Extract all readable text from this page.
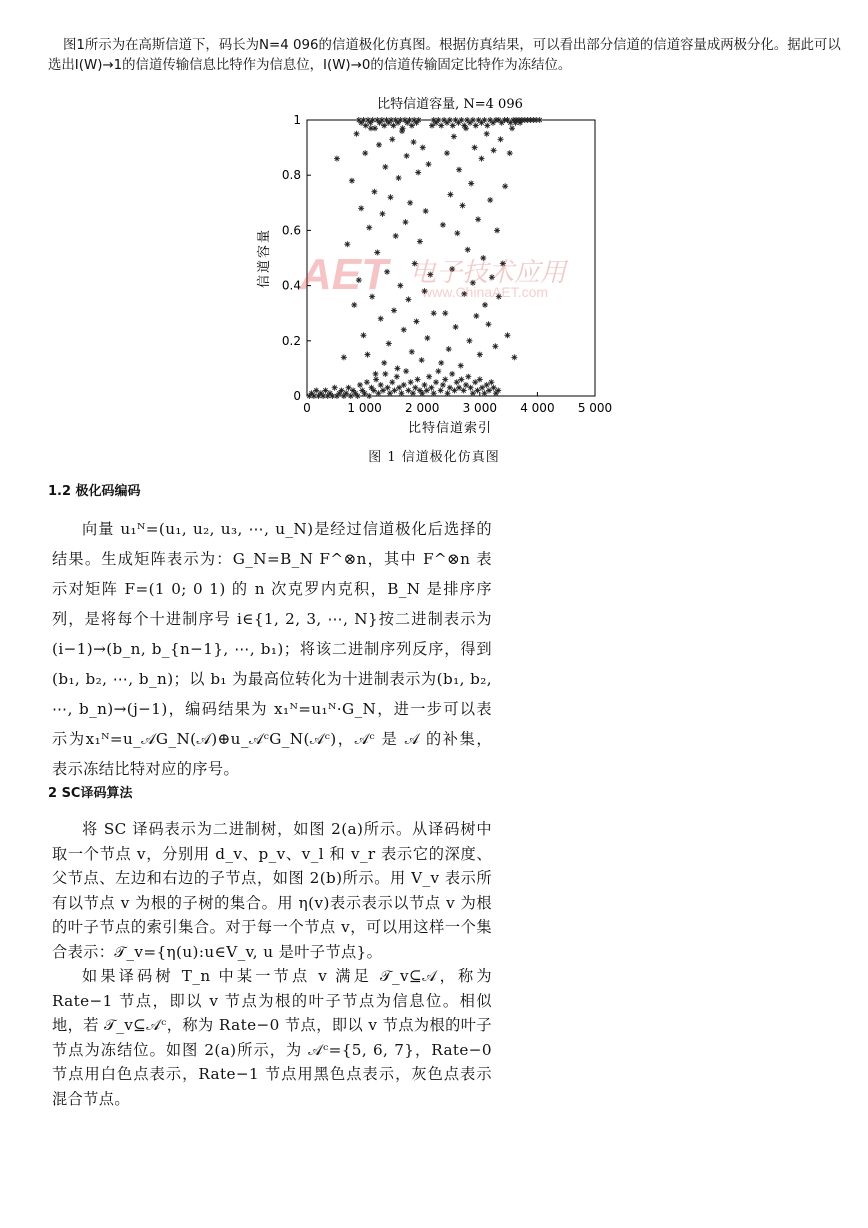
图1所示为在高斯信道下，码长为N=4 096的信道极化仿真图。根据仿真结果，可以看出部分信道的信道容量成两极分化。据此可以选出I(W)→1的信道传输信息比特作为信息位，I(W)→0的信道传输固定比特作为冻结位。

比特信道容量, N=4 096
0
0.2
0.4
0.6
0.8
1
0	1 000 2 000 3 000 4 000 5 000
比特信道索引
信道容量 AET 电子技术应用
www.ChinaAET.com
图 1 信道极化仿真图
1.2 极化码编码

向量 u₁ᴺ=(u₁, u₂, u₃, ⋯, u_N)是经过信道极化后选择的结果。生成矩阵表示为：G_N=B_N F^⊗n，其中 F^⊗n 表示对矩阵 F=(1 0; 0 1) 的 n 次克罗内克积，B_N 是排序序列，是将每个十进制序号 i∈{1, 2, 3, ⋯, N}按二进制表示为(i−1)→(b_n, b_{n−1}, ⋯, b₁)；将该二进制序列反序，得到(b₁, b₂, ⋯, b_n)；以 b₁ 为最高位转化为十进制表示为(b₁, b₂, ⋯, b_n)→(j−1)，编码结果为 x₁ᴺ=u₁ᴺ·G_N，进一步可以表示为x₁ᴺ=u_𝒜G_N(𝒜)⊕u_𝒜ᶜG_N(𝒜ᶜ)，𝒜ᶜ 是 𝒜 的补集，表示冻结比特对应的序号。

2 SC译码算法

将 SC 译码表示为二进制树，如图 2(a)所示。从译码树中取一个节点 v，分别用 d_v、p_v、v_l 和 v_r 表示它的深度、父节点、左边和右边的子节点，如图 2(b)所示。用 V_v 表示所有以节点 v 为根的子树的集合。用 η(v)表示表示以节点 v 为根的叶子节点的索引集合。对于每一个节点 v，可以用这样一个集合表示：𝒯_v={η(u):u∈V_v, u 是叶子节点}。

如果译码树 T_n 中某一节点 v 满足 𝒯_v⊆𝒜，称为 Rate−1 节点，即以 v 节点为根的叶子节点为信息位。相似地，若 𝒯_v⊆𝒜ᶜ，称为 Rate−0 节点，即以 v 节点为根的叶子节点为冻结位。如图 2(a)所示，为 𝒜ᶜ={5, 6, 7}，Rate−0 节点用白色点表示，Rate−1 节点用黑色点表示，灰色点表示混合节点。
